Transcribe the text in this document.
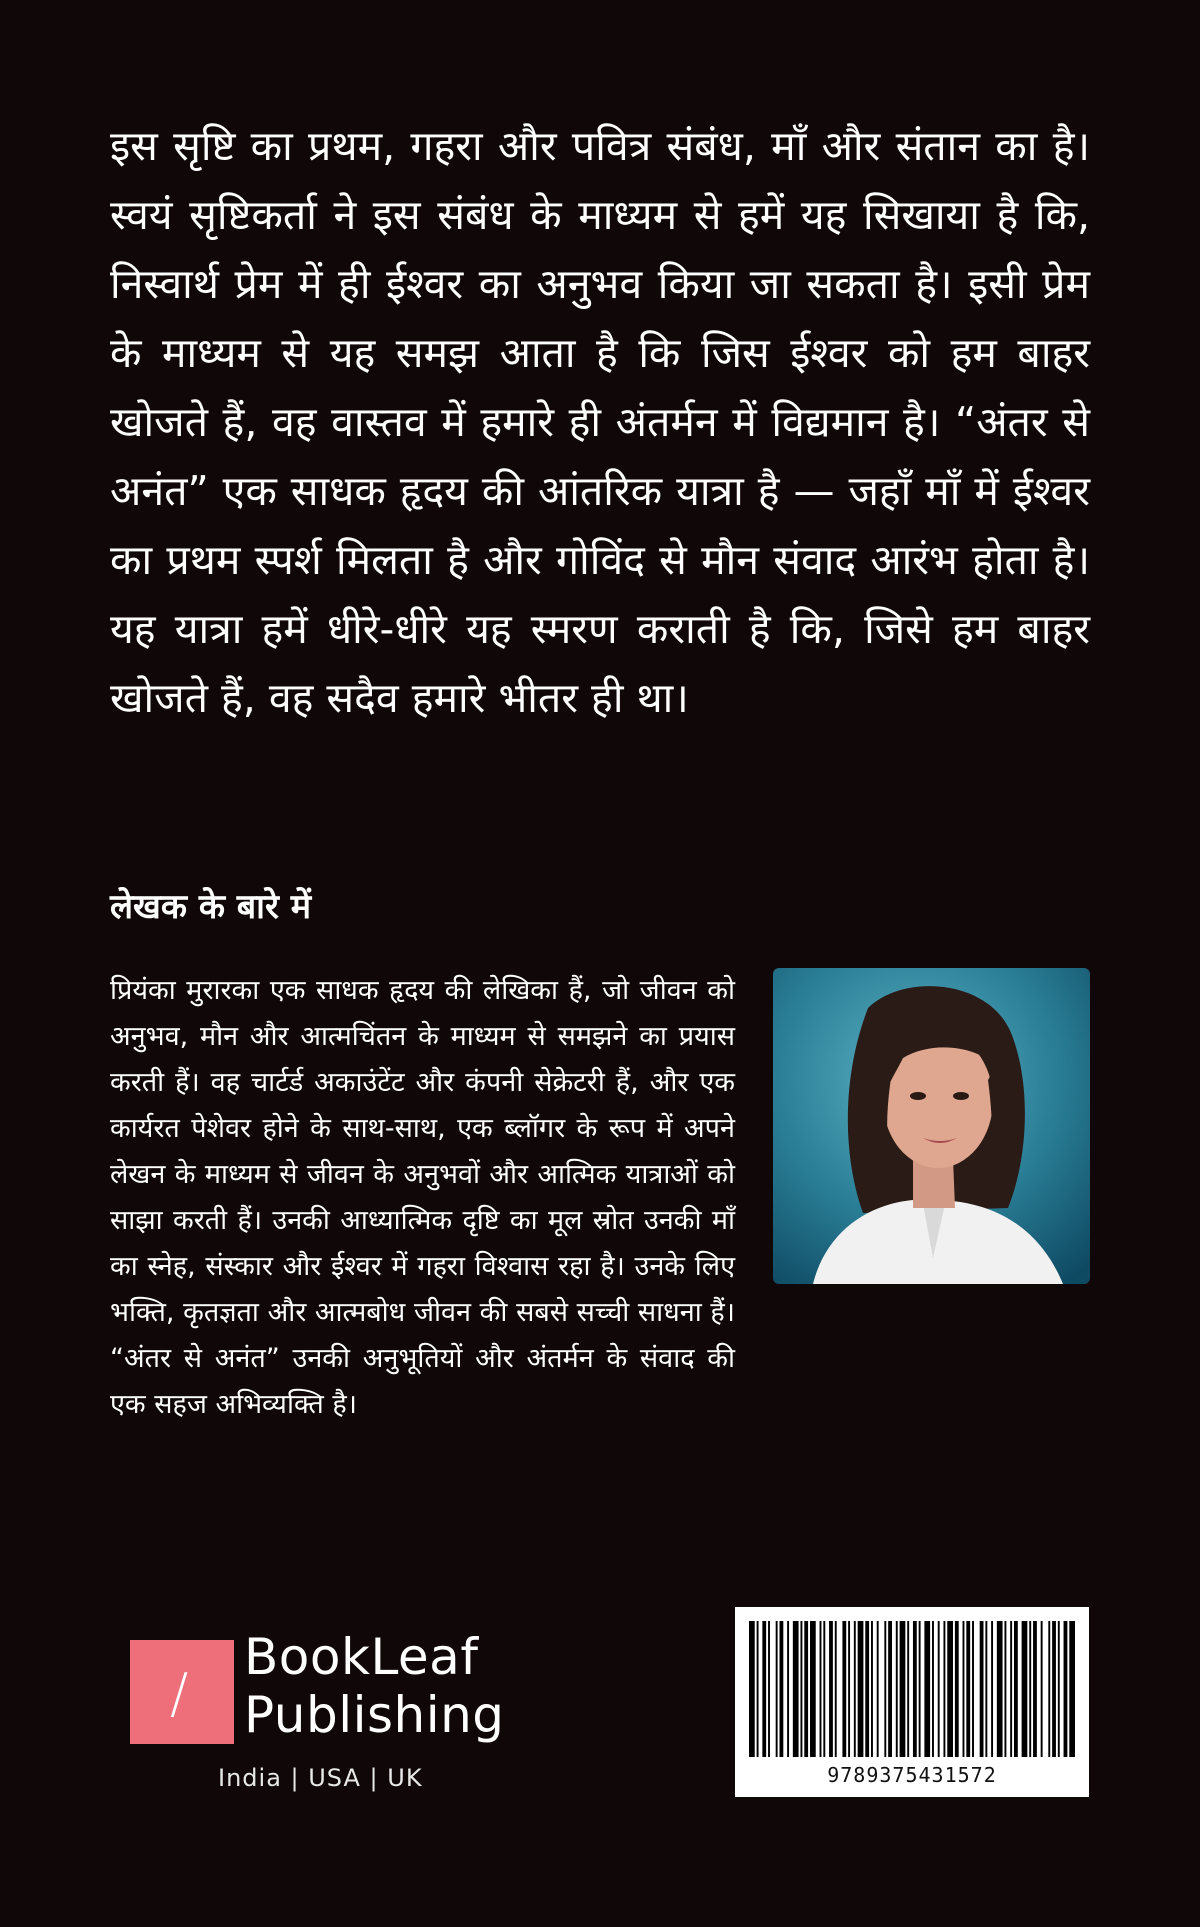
इस सृष्टि का प्रथम, गहरा और पवित्र संबंध, माँ और संतान का है। स्वयं सृष्टिकर्ता ने इस संबंध के माध्यम से हमें यह सिखाया है कि, निस्वार्थ प्रेम में ही ईश्वर का अनुभव किया जा सकता है। इसी प्रेम के माध्यम से यह समझ आता है कि जिस ईश्वर को हम बाहर खोजते हैं, वह वास्तव में हमारे ही अंतर्मन में विद्यमान है। “अंतर से अनंत” एक साधक हृदय की आंतरिक यात्रा है — जहाँ माँ में ईश्वर का प्रथम स्पर्श मिलता है और गोविंद से मौन संवाद आरंभ होता है। यह यात्रा हमें धीरे-धीरे यह स्मरण कराती है कि, जिसे हम बाहर खोजते हैं, वह सदैव हमारे भीतर ही था।

लेखक के बारे में

प्रियंका मुरारका एक साधक हृदय की लेखिका हैं, जो जीवन को अनुभव, मौन और आत्मचिंतन के माध्यम से समझने का प्रयास करती हैं। वह चार्टर्ड अकाउंटेंट और कंपनी सेक्रेटरी हैं, और एक कार्यरत पेशेवर होने के साथ-साथ, एक ब्लॉगर के रूप में अपने लेखन के माध्यम से जीवन के अनुभवों और आत्मिक यात्राओं को साझा करती हैं। उनकी आध्यात्मिक दृष्टि का मूल स्रोत उनकी माँ का स्नेह, संस्कार और ईश्वर में गहरा विश्वास रहा है। उनके लिए भक्ति, कृतज्ञता और आत्मबोध जीवन की सबसे सच्ची साधना हैं। “अंतर से अनंत” उनकी अनुभूतियों और अंतर्मन के संवाद की एक सहज अभिव्यक्ति है।

/
BookLeaf
Publishing
India | USA | UK	9789375431572
